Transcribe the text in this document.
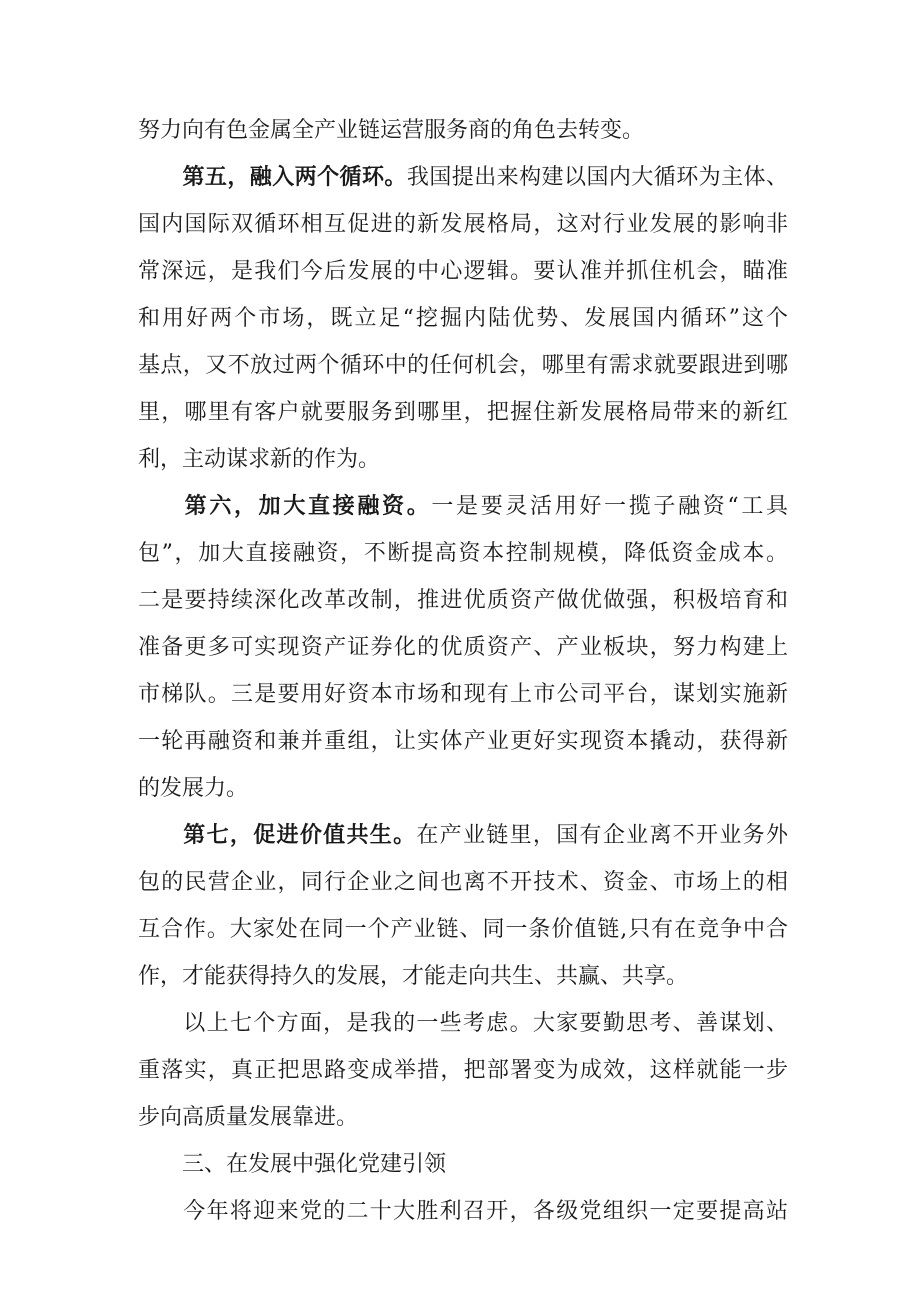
努力向有色金属全产业链运营服务商的角色去转变。
第五，融入两个循环。我国提出来构建以国内大循环为主体、
国内国际双循环相互促进的新发展格局，这对行业发展的影响非
常深远，是我们今后发展的中心逻辑。要认准并抓住机会，瞄准
和用好两个市场，既立足“挖掘内陆优势、发展国内循环”这个
基点，又不放过两个循环中的任何机会，哪里有需求就要跟进到哪
里，哪里有客户就要服务到哪里，把握住新发展格局带来的新红
利，主动谋求新的作为。
第六，加大直接融资。一是要灵活用好一揽子融资“工具
包”，加大直接融资，不断提高资本控制规模，降低资金成本。
二是要持续深化改革改制，推进优质资产做优做强，积极培育和
准备更多可实现资产证券化的优质资产、产业板块，努力构建上
市梯队。三是要用好资本市场和现有上市公司平台，谋划实施新
一轮再融资和兼并重组，让实体产业更好实现资本撬动，获得新
的发展力。
第七，促进价值共生。在产业链里，国有企业离不开业务外
包的民营企业，同行企业之间也离不开技术、资金、市场上的相
互合作。大家处在同一个产业链、同一条价值链,只有在竞争中合
作，才能获得持久的发展，才能走向共生、共赢、共享。
以上七个方面，是我的一些考虑。大家要勤思考、善谋划、
重落实，真正把思路变成举措，把部署变为成效，这样就能一步
步向高质量发展靠进。
三、在发展中强化党建引领
今年将迎来党的二十大胜利召开，各级党组织一定要提高站
